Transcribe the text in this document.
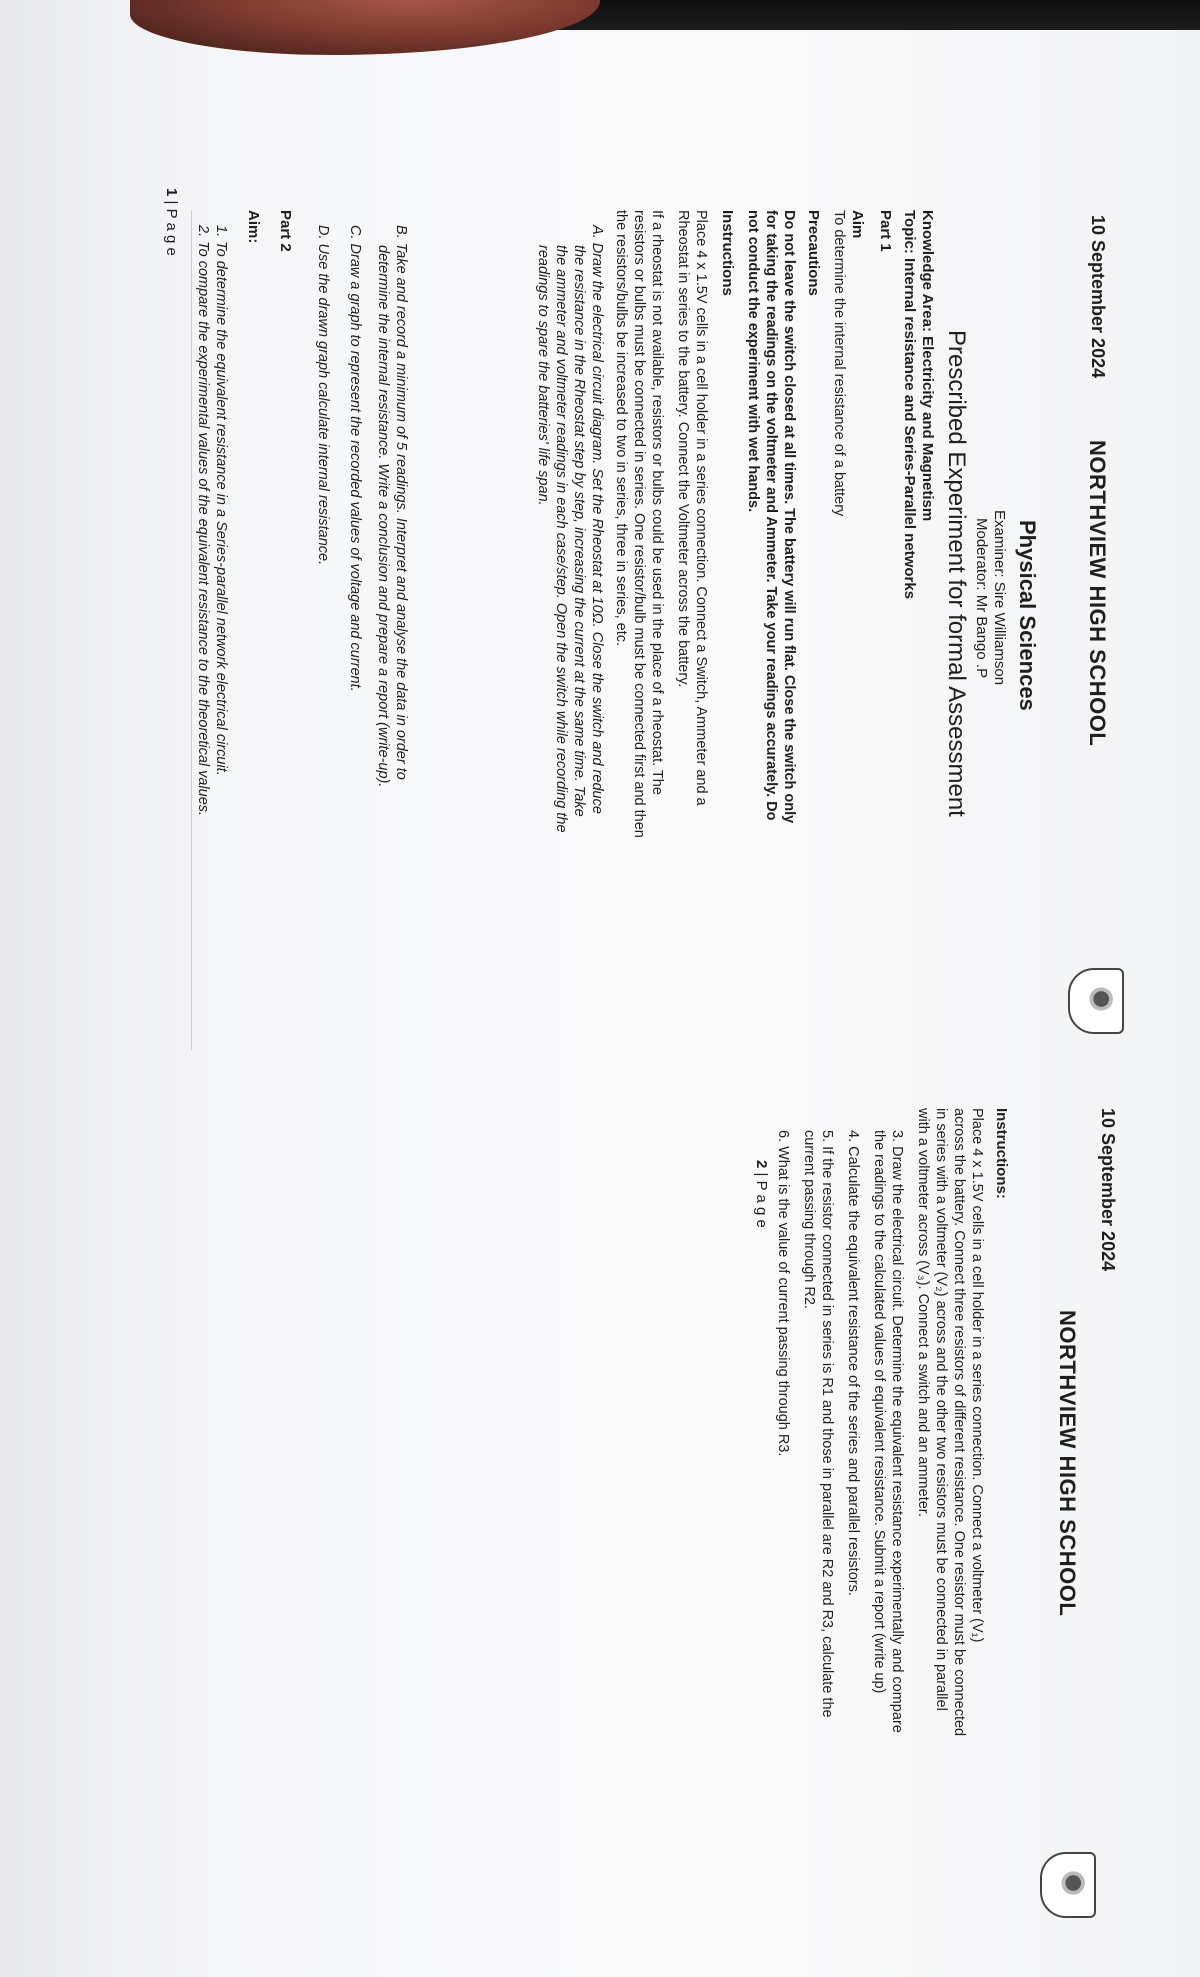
10 September 2024
NORTHVIEW HIGH SCHOOL
Physical Sciences
Examiner: Sire Williamson
Moderator: Mr Bango .P
Prescribed Experiment for formal Assessment
Knowledge Area: Electricity and Magnetism
Topic: Internal resistance and Series-Parallel networks
Part 1
Aim
To determine the internal resistance of a battery
Precautions
Do not leave the switch closed at all times. The battery will run flat. Close the switch only
for taking the readings on the voltmeter and Ammeter. Take your readings accurately. Do
not conduct the experiment with wet hands.
Instructions
Place 4 x 1.5V cells in a cell holder in a series connection. Connect a Switch, Ammeter and a
Rheostat in series to the battery. Connect the Voltmeter across the battery.
If a rheostat is not available, resistors or bulbs could be used in the place of a rheostat. The
resistors or bulbs must be connected in series. One resistor/bulb must be connected first and then
the resistors/bulbs be increased to two in series, three in series, etc.
A. Draw the electrical circuit diagram. Set the Rheostat at 10Ω. Close the switch and reduce
the resistance in the Rheostat step by step, increasing the current at the same time. Take
the ammeter and voltmeter readings in each case/step. Open the switch while recording the
readings to spare the batteries' life span.
B. Take and record a minimum of 5 readings. Interpret and analyse the data in order to
determine the internal resistance. Write a conclusion and prepare a report (write-up).
C. Draw a graph to represent the recorded values of voltage and current.
D. Use the drawn graph calculate internal resistance.
Part 2
Aim:
1. To determine the equivalent resistance in a Series-parallel network electrical circuit.
2. To compare the experimental values of the equivalent resistance to the theoretical values.
1 | P a g e
10 September 2024
NORTHVIEW HIGH SCHOOL
Instructions:
Place 4 x 1.5V cells in a cell holder in a series connection. Connect a voltmeter (V₁)
across the battery. Connect three resistors of different resistance. One resistor must be connected
in series with a voltmeter (V₂) across and the other two resistors must be connected in parallel
with a voltmeter across (V₃). Connect a switch and an ammeter.
3. Draw the electrical circuit. Determine the equivalent resistance experimentally and compare
the readings to the calculated values of equivalent resistance. Submit a report (write up)
4. Calculate the equivalent resistance of the series and parallel resistors.
5. If the resistor connected in series is R1 and those in parallel are R2 and R3, calculate the
current passing through R2.
6. What is the value of current passing through R3.
2 | P a g e
